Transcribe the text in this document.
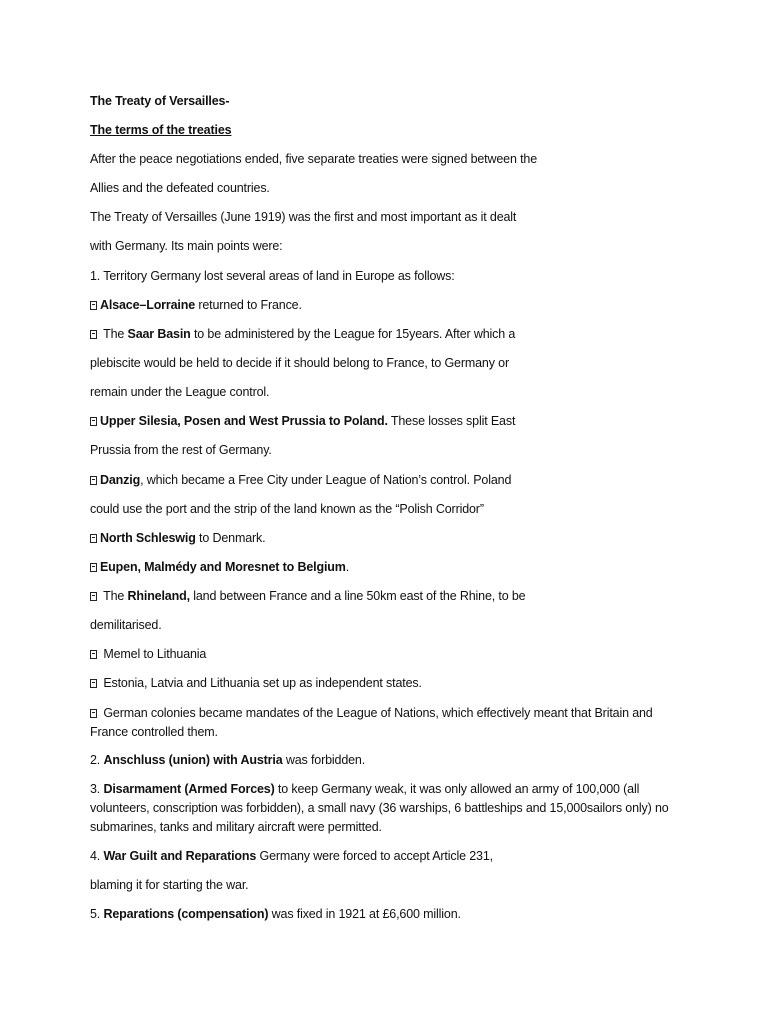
The Treaty of Versailles-
The terms of the treaties
After the peace negotiations ended, five separate treaties were signed between the
Allies and the defeated countries.
The Treaty of Versailles (June 1919) was the first and most important as it dealt
with Germany. Its main points were:
1. Territory Germany lost several areas of land in Europe as follows:
Alsace–Lorraine returned to France.
The Saar Basin to be administered by the League for 15years. After which a
plebiscite would be held to decide if it should belong to France, to Germany or
remain under the League control.
Upper Silesia, Posen and West Prussia to Poland. These losses split East
Prussia from the rest of Germany.
Danzig, which became a Free City under League of Nation’s control. Poland
could use the port and the strip of the land known as the “Polish Corridor”
North Schleswig to Denmark.
Eupen, Malmédy and Moresnet to Belgium.
The Rhineland, land between France and a line 50km east of the Rhine, to be
demilitarised.
Memel to Lithuania
Estonia, Latvia and Lithuania set up as independent states.
German colonies became mandates of the League of Nations, which effectively meant that Britain and France controlled them.
2. Anschluss (union) with Austria was forbidden.
3. Disarmament (Armed Forces) to keep Germany weak, it was only allowed an army of 100,000 (all volunteers, conscription was forbidden), a small navy (36 warships, 6 battleships and 15,000sailors only) no submarines, tanks and military aircraft were permitted.
4. War Guilt and Reparations Germany were forced to accept Article 231,
blaming it for starting the war.
5. Reparations (compensation) was fixed in 1921 at £6,600 million.
